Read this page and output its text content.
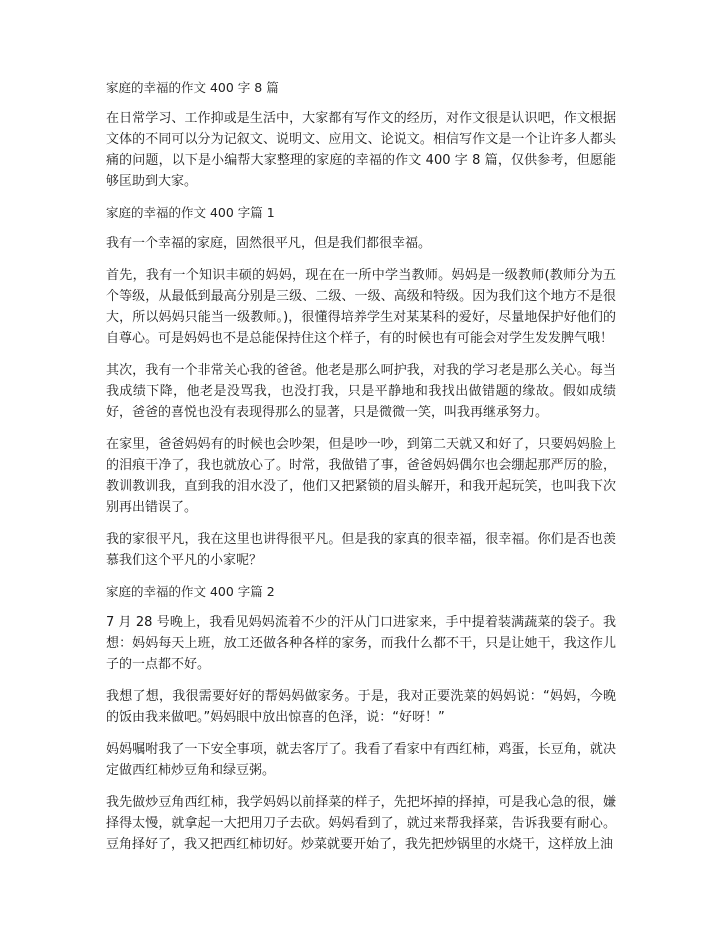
家庭的幸福的作文 400 字 8 篇
在日常学习、工作抑或是生活中，大家都有写作文的经历，对作文很是认识吧，作文根据文体的不同可以分为记叙文、说明文、应用文、论说文。相信写作文是一个让许多人都头痛的问题，以下是小编帮大家整理的家庭的幸福的作文 400 字 8 篇，仅供参考，但愿能够匡助到大家。
家庭的幸福的作文 400 字篇 1
我有一个幸福的家庭，固然很平凡，但是我们都很幸福。
首先，我有一个知识丰硕的妈妈，现在在一所中学当教师。妈妈是一级教师(教师分为五个等级，从最低到最高分别是三级、二级、一级、高级和特级。因为我们这个地方不是很大，所以妈妈只能当一级教师。)，很懂得培养学生对某某科的爱好，尽量地保护好他们的自尊心。可是妈妈也不是总能保持住这个样子，有的时候也有可能会对学生发发脾气哦！
其次，我有一个非常关心我的爸爸。他老是那么呵护我，对我的学习老是那么关心。每当我成绩下降，他老是没骂我，也没打我，只是平静地和我找出做错题的缘故。假如成绩好，爸爸的喜悦也没有表现得那么的显著，只是微微一笑，叫我再继承努力。
在家里，爸爸妈妈有的时候也会吵架，但是吵一吵，到第二天就又和好了，只要妈妈脸上的泪痕干净了，我也就放心了。时常，我做错了事，爸爸妈妈偶尔也会绷起那严厉的脸，教训教训我，直到我的泪水没了，他们又把紧锁的眉头解开，和我开起玩笑，也叫我下次别再出错误了。
我的家很平凡，我在这里也讲得很平凡。但是我的家真的很幸福，很幸福。你们是否也羡慕我们这个平凡的小家呢？
家庭的幸福的作文 400 字篇 2
7 月 28 号晚上，我看见妈妈流着不少的汗从门口进家来，手中提着装满蔬菜的袋子。我想：妈妈每天上班，放工还做各种各样的家务，而我什么都不干，只是让她干，我这作儿子的一点都不好。
我想了想，我很需要好好的帮妈妈做家务。于是，我对正要洗菜的妈妈说：“妈妈，今晚的饭由我来做吧。”妈妈眼中放出惊喜的色泽，说：“好呀！”
妈妈嘱咐我了一下安全事项，就去客厅了。我看了看家中有西红柿，鸡蛋，长豆角，就决定做西红柿炒豆角和绿豆粥。
我先做炒豆角西红柿，我学妈妈以前择菜的样子，先把坏掉的择掉，可是我心急的很，嫌择得太慢，就拿起一大把用刀子去砍。妈妈看到了，就过来帮我择菜，告诉我要有耐心。豆角择好了，我又把西红柿切好。炒菜就要开始了，我先把炒锅里的水烧干，这样放上油
